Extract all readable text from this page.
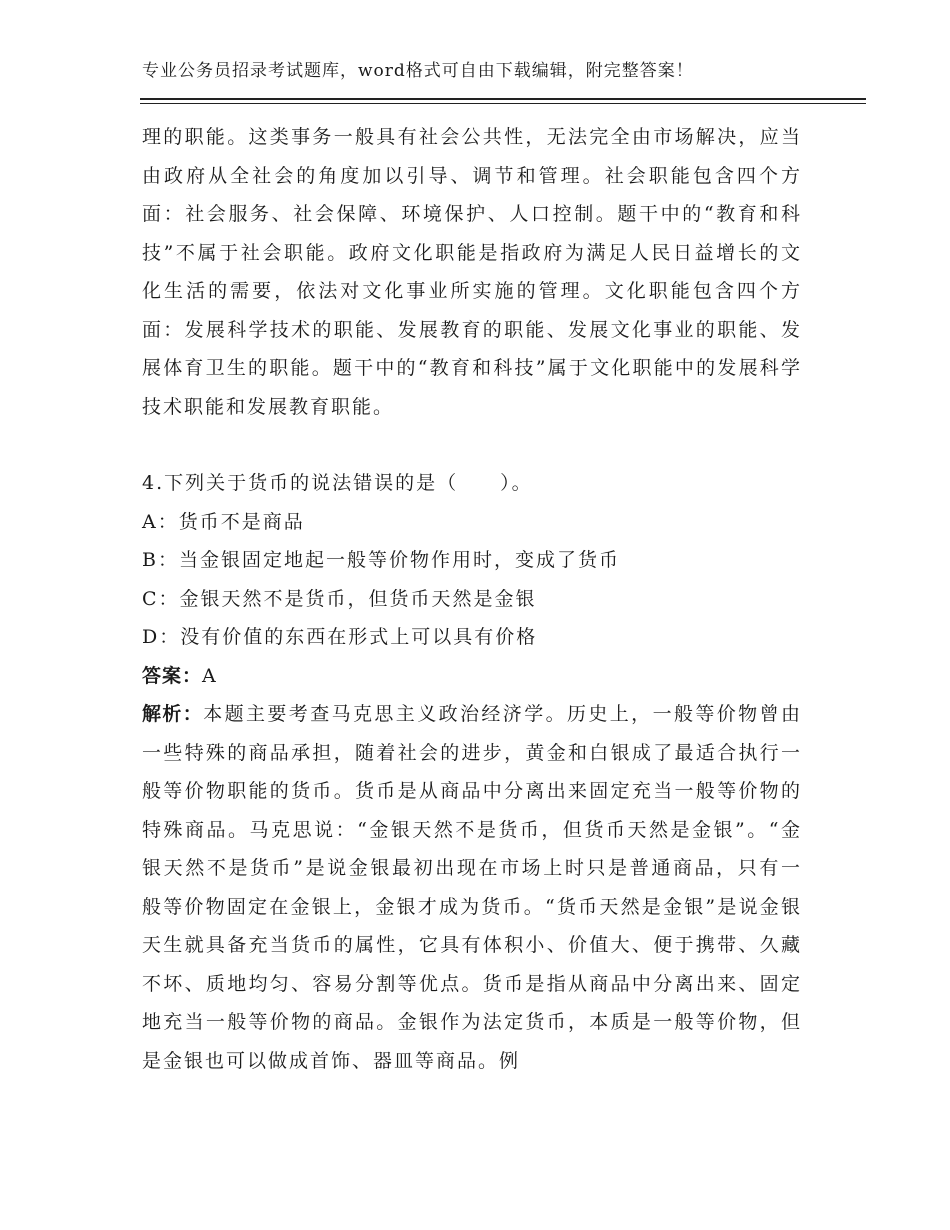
专业公务员招录考试题库，word格式可自由下载编辑，附完整答案！

理的职能。这类事务一般具有社会公共性，无法完全由市场解决，应当由政府从全社会的角度加以引导、调节和管理。社会职能包含四个方面：社会服务、社会保障、环境保护、人口控制。题干中的“教育和科技”不属于社会职能。政府文化职能是指政府为满足人民日益增长的文化生活的需要，依法对文化事业所实施的管理。文化职能包含四个方面：发展科学技术的职能、发展教育的职能、发展文化事业的职能、发展体育卫生的职能。题干中的“教育和科技”属于文化职能中的发展科学技术职能和发展教育职能。

4.下列关于货币的说法错误的是（　　）。
A：货币不是商品
B：当金银固定地起一般等价物作用时，变成了货币
C：金银天然不是货币，但货币天然是金银
D：没有价值的东西在形式上可以具有价格
答案：A

解析：本题主要考查马克思主义政治经济学。历史上，一般等价物曾由一些特殊的商品承担，随着社会的进步，黄金和白银成了最适合执行一般等价物职能的货币。货币是从商品中分离出来固定充当一般等价物的特殊商品。马克思说：“金银天然不是货币，但货币天然是金银”。“金银天然不是货币”是说金银最初出现在市场上时只是普通商品，只有一般等价物固定在金银上，金银才成为货币。“货币天然是金银”是说金银天生就具备充当货币的属性，它具有体积小、价值大、便于携带、久藏不坏、质地均匀、容易分割等优点。货币是指从商品中分离出来、固定地充当一般等价物的商品。金银作为法定货币，本质是一般等价物，但是金银也可以做成首饰、器皿等商品。例
